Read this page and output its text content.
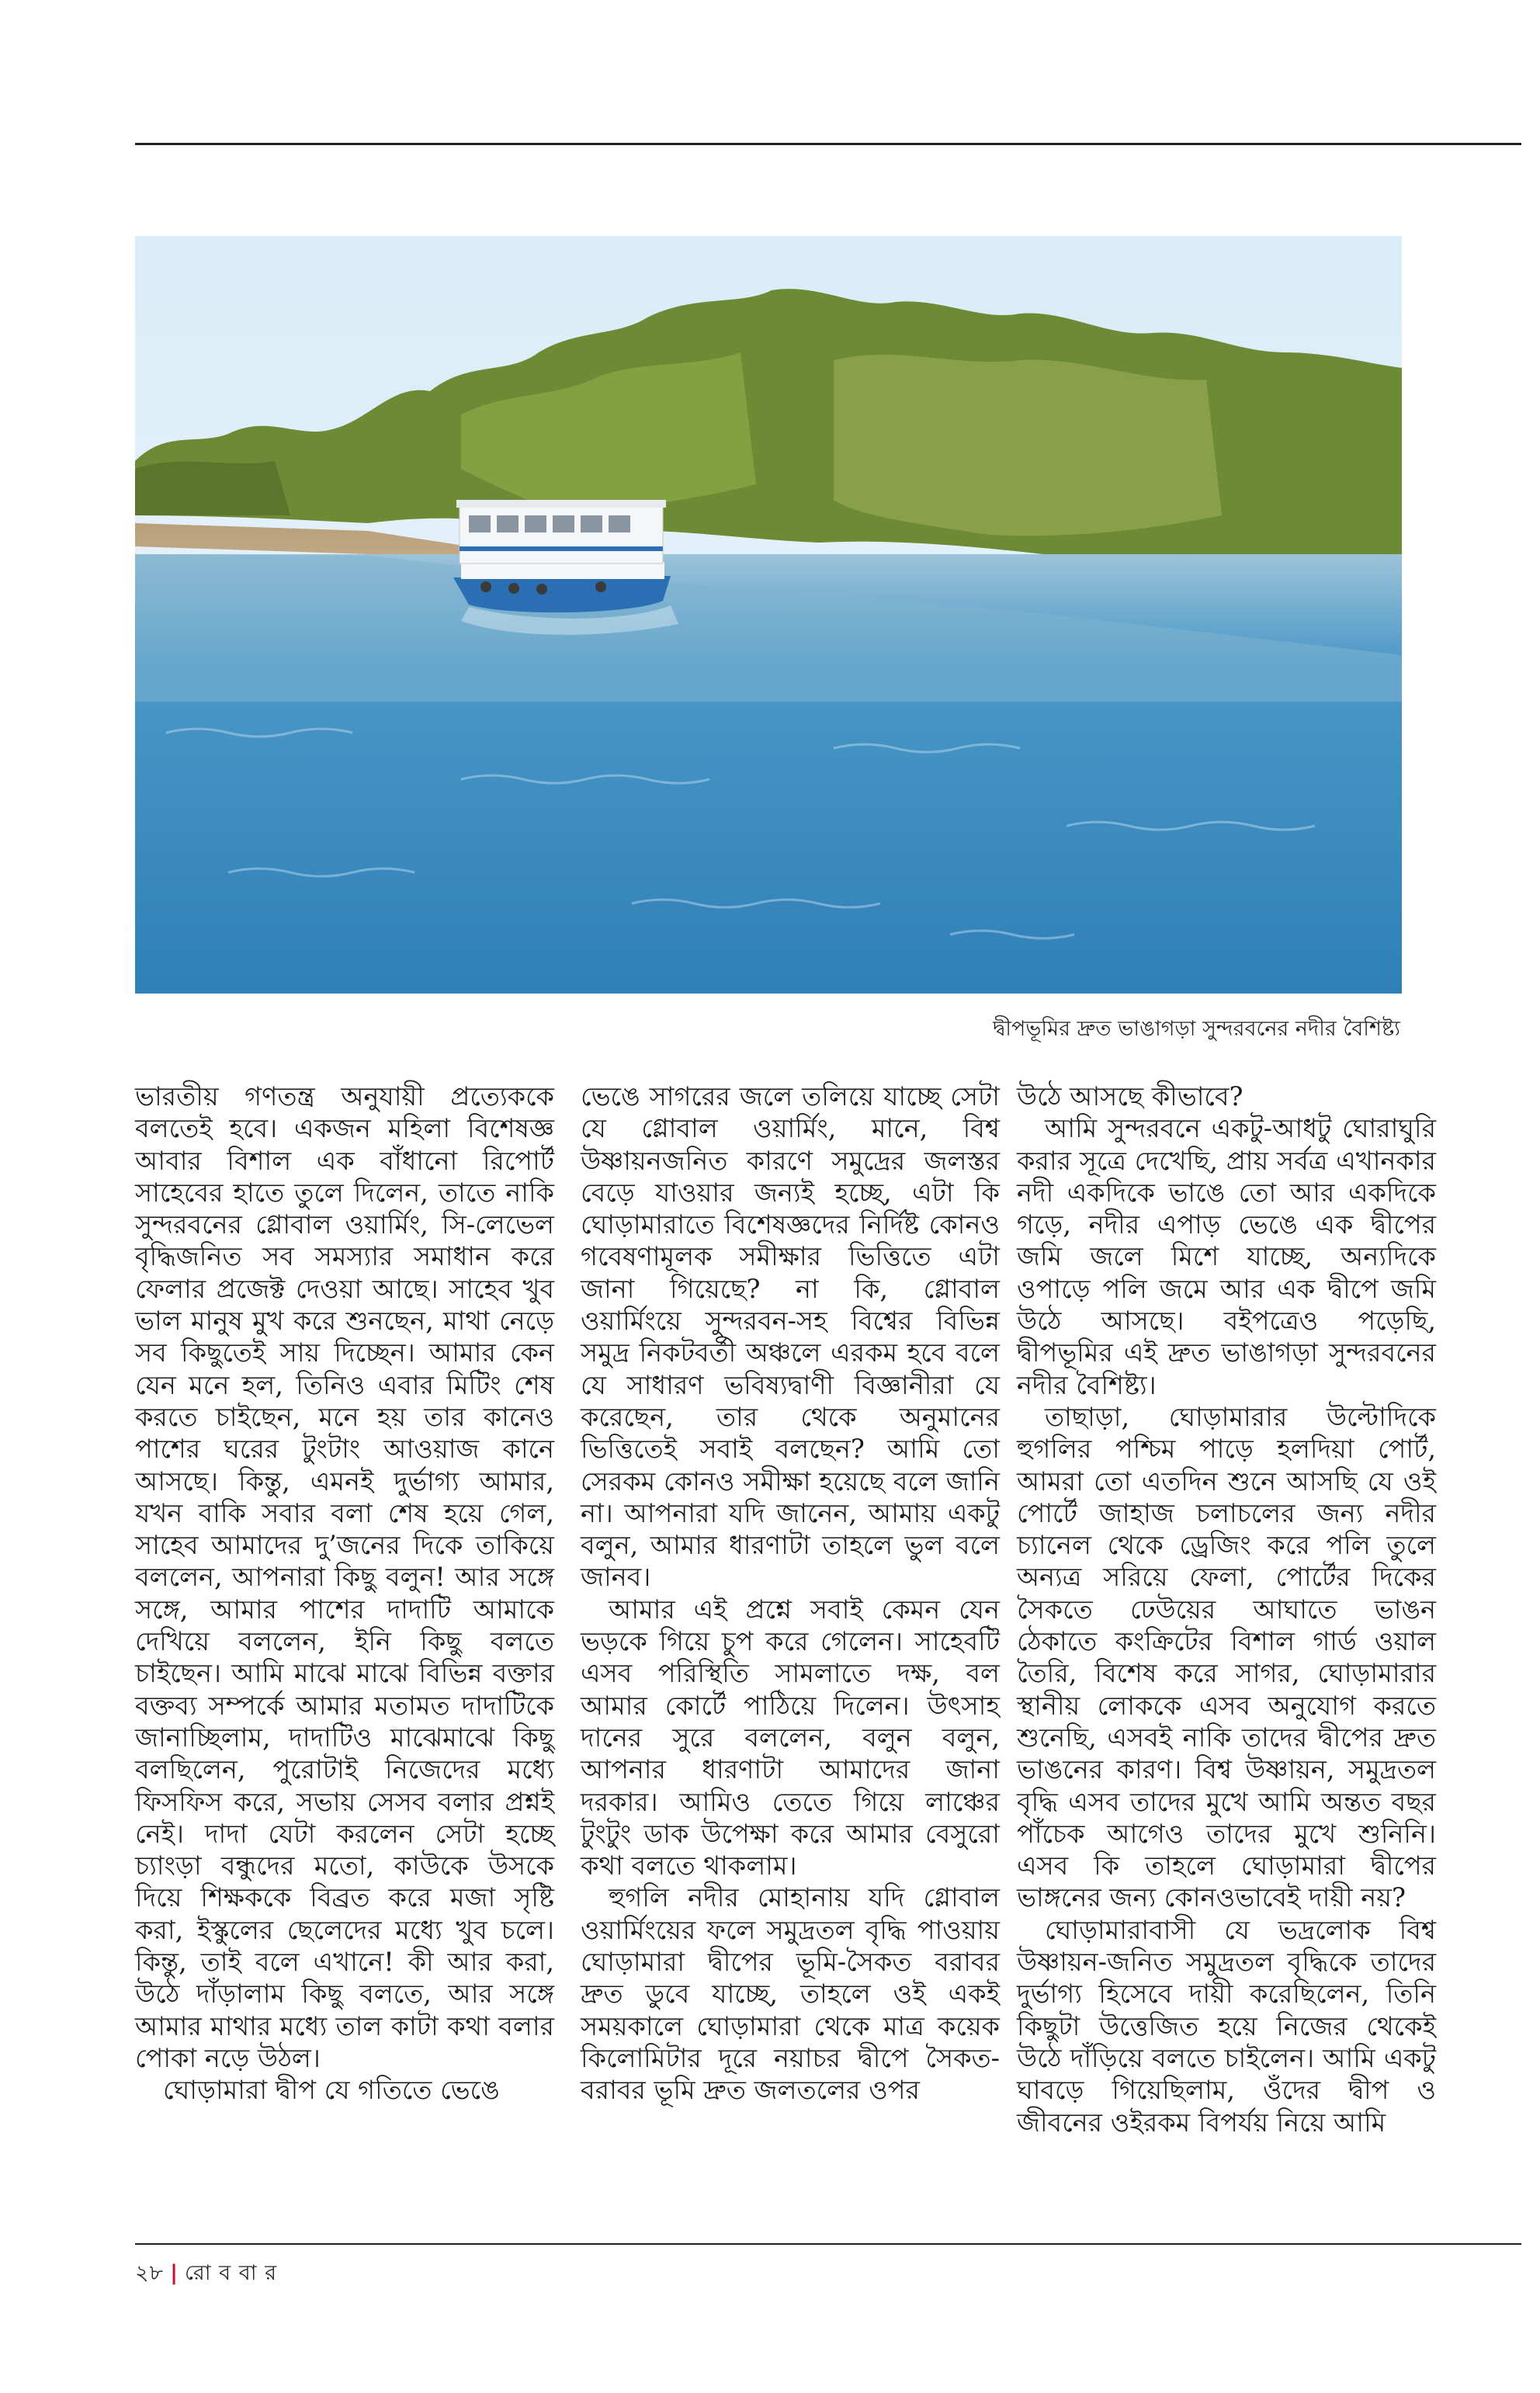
দ্বীপভূমির দ্রুত ভাঙাগড়া সুন্দরবনের নদীর বৈশিষ্ট্য

ভারতীয় গণতন্ত্র অনুযায়ী প্রত্যেককে বলতেই হবে। একজন মহিলা বিশেষজ্ঞ আবার বিশাল এক বাঁধানো রিপোর্ট সাহেবের হাতে তুলে দিলেন, তাতে নাকি সুন্দরবনের গ্লোবাল ওয়ার্মিং, সি-লেভেল বৃদ্ধিজনিত সব সমস্যার সমাধান করে ফেলার প্রজেক্ট দেওয়া আছে। সাহেব খুব ভাল মানুষ মুখ করে শুনছেন, মাথা নেড়ে সব কিছুতেই সায় দিচ্ছেন। আমার কেন যেন মনে হল, তিনিও এবার মিটিং শেষ করতে চাইছেন, মনে হয় তার কানেও পাশের ঘরের টুংটাং আওয়াজ কানে আসছে। কিন্তু, এমনই দুর্ভাগ্য আমার, যখন বাকি সবার বলা শেষ হয়ে গেল, সাহেব আমাদের দু’জনের দিকে তাকিয়ে বললেন, আপনারা কিছু বলুন! আর সঙ্গে সঙ্গে, আমার পাশের দাদাটি আমাকে দেখিয়ে বললেন, ইনি কিছু বলতে চাইছেন। আমি মাঝে মাঝে বিভিন্ন বক্তার বক্তব্য সম্পর্কে আমার মতামত দাদাটিকে জানাচ্ছিলাম, দাদাটিও মাঝেমাঝে কিছু বলছিলেন, পুরোটাই নিজেদের মধ্যে ফিসফিস করে, সভায় সেসব বলার প্রশ্নই নেই। দাদা যেটা করলেন সেটা হচ্ছে চ্যাংড়া বন্ধুদের মতো, কাউকে উসকে দিয়ে শিক্ষককে বিব্রত করে মজা সৃষ্টি করা, ইস্কুলের ছেলেদের মধ্যে খুব চলে। কিন্তু, তাই বলে এখানে! কী আর করা, উঠে দাঁড়ালাম কিছু বলতে, আর সঙ্গে আমার মাথার মধ্যে তাল কাটা কথা বলার পোকা নড়ে উঠল।

ঘোড়ামারা দ্বীপ যে গতিতে ভেঙে

ভেঙে সাগরের জলে তলিয়ে যাচ্ছে সেটা যে গ্লোবাল ওয়ার্মিং, মানে, বিশ্ব উষ্ণায়নজনিত কারণে সমুদ্রের জলস্তর বেড়ে যাওয়ার জন্যই হচ্ছে, এটা কি ঘোড়ামারাতে বিশেষজ্ঞদের নির্দিষ্ট কোনও গবেষণামূলক সমীক্ষার ভিত্তিতে এটা জানা গিয়েছে? না কি, গ্লোবাল ওয়ার্মিংয়ে সুন্দরবন-সহ বিশ্বের বিভিন্ন সমুদ্র নিকটবর্তী অঞ্চলে এরকম হবে বলে যে সাধারণ ভবিষ্যদ্বাণী বিজ্ঞানীরা যে করেছেন, তার থেকে অনুমানের ভিত্তিতেই সবাই বলছেন? আমি তো সেরকম কোনও সমীক্ষা হয়েছে বলে জানি না। আপনারা যদি জানেন, আমায় একটু বলুন, আমার ধারণাটা তাহলে ভুল বলে জানব।

আমার এই প্রশ্নে সবাই কেমন যেন ভড়কে গিয়ে চুপ করে গেলেন। সাহেবটি এসব পরিস্থিতি সামলাতে দক্ষ, বল আমার কোর্টে পাঠিয়ে দিলেন। উৎসাহ দানের সুরে বললেন, বলুন বলুন, আপনার ধারণাটা আমাদের জানা দরকার। আমিও তেতে গিয়ে লাঞ্চের টুংটুং ডাক উপেক্ষা করে আমার বেসুরো কথা বলতে থাকলাম।

হুগলি নদীর মোহানায় যদি গ্লোবাল ওয়ার্মিংয়ের ফলে সমুদ্রতল বৃদ্ধি পাওয়ায় ঘোড়ামারা দ্বীপের ভূমি-সৈকত বরাবর দ্রুত ডুবে যাচ্ছে, তাহলে ওই একই সময়কালে ঘোড়ামারা থেকে মাত্র কয়েক কিলোমিটার দূরে নয়াচর দ্বীপে সৈকত-বরাবর ভূমি দ্রুত জলতলের ওপর

উঠে আসছে কীভাবে?

আমি সুন্দরবনে একটু-আধটু ঘোরাঘুরি করার সূত্রে দেখেছি, প্রায় সর্বত্র এখানকার নদী একদিকে ভাঙে তো আর একদিকে গড়ে, নদীর এপাড় ভেঙে এক দ্বীপের জমি জলে মিশে যাচ্ছে, অন্যদিকে ওপাড়ে পলি জমে আর এক দ্বীপে জমি উঠে আসছে। বইপত্রেও পড়েছি, দ্বীপভূমির এই দ্রুত ভাঙাগড়া সুন্দরবনের নদীর বৈশিষ্ট্য।

তাছাড়া, ঘোড়ামারার উল্টোদিকে হুগলির পশ্চিম পাড়ে হলদিয়া পোর্ট, আমরা তো এতদিন শুনে আসছি যে ওই পোর্টে জাহাজ চলাচলের জন্য নদীর চ্যানেল থেকে ড্রেজিং করে পলি তুলে অন্যত্র সরিয়ে ফেলা, পোর্টের দিকের সৈকতে ঢেউয়ের আঘাতে ভাঙন ঠেকাতে কংক্রিটের বিশাল গার্ড ওয়াল তৈরি, বিশেষ করে সাগর, ঘোড়ামারার স্থানীয় লোককে এসব অনুযোগ করতে শুনেছি, এসবই নাকি তাদের দ্বীপের দ্রুত ভাঙনের কারণ। বিশ্ব উষ্ণায়ন, সমুদ্রতল বৃদ্ধি এসব তাদের মুখে আমি অন্তত বছর পাঁচেক আগেও তাদের মুখে শুনিনি। এসব কি তাহলে ঘোড়ামারা দ্বীপের ভাঙ্গনের জন্য কোনওভাবেই দায়ী নয়?

ঘোড়ামারাবাসী যে ভদ্রলোক বিশ্ব উষ্ণায়ন-জনিত সমুদ্রতল বৃদ্ধিকে তাদের দুর্ভাগ্য হিসেবে দায়ী করেছিলেন, তিনি কিছুটা উত্তেজিত হয়ে নিজের থেকেই উঠে দাঁড়িয়ে বলতে চাইলেন। আমি একটু ঘাবড়ে গিয়েছিলাম, ওঁদের দ্বীপ ও জীবনের ওইরকম বিপর্যয় নিয়ে আমি

২৮ | রো ব বা র
